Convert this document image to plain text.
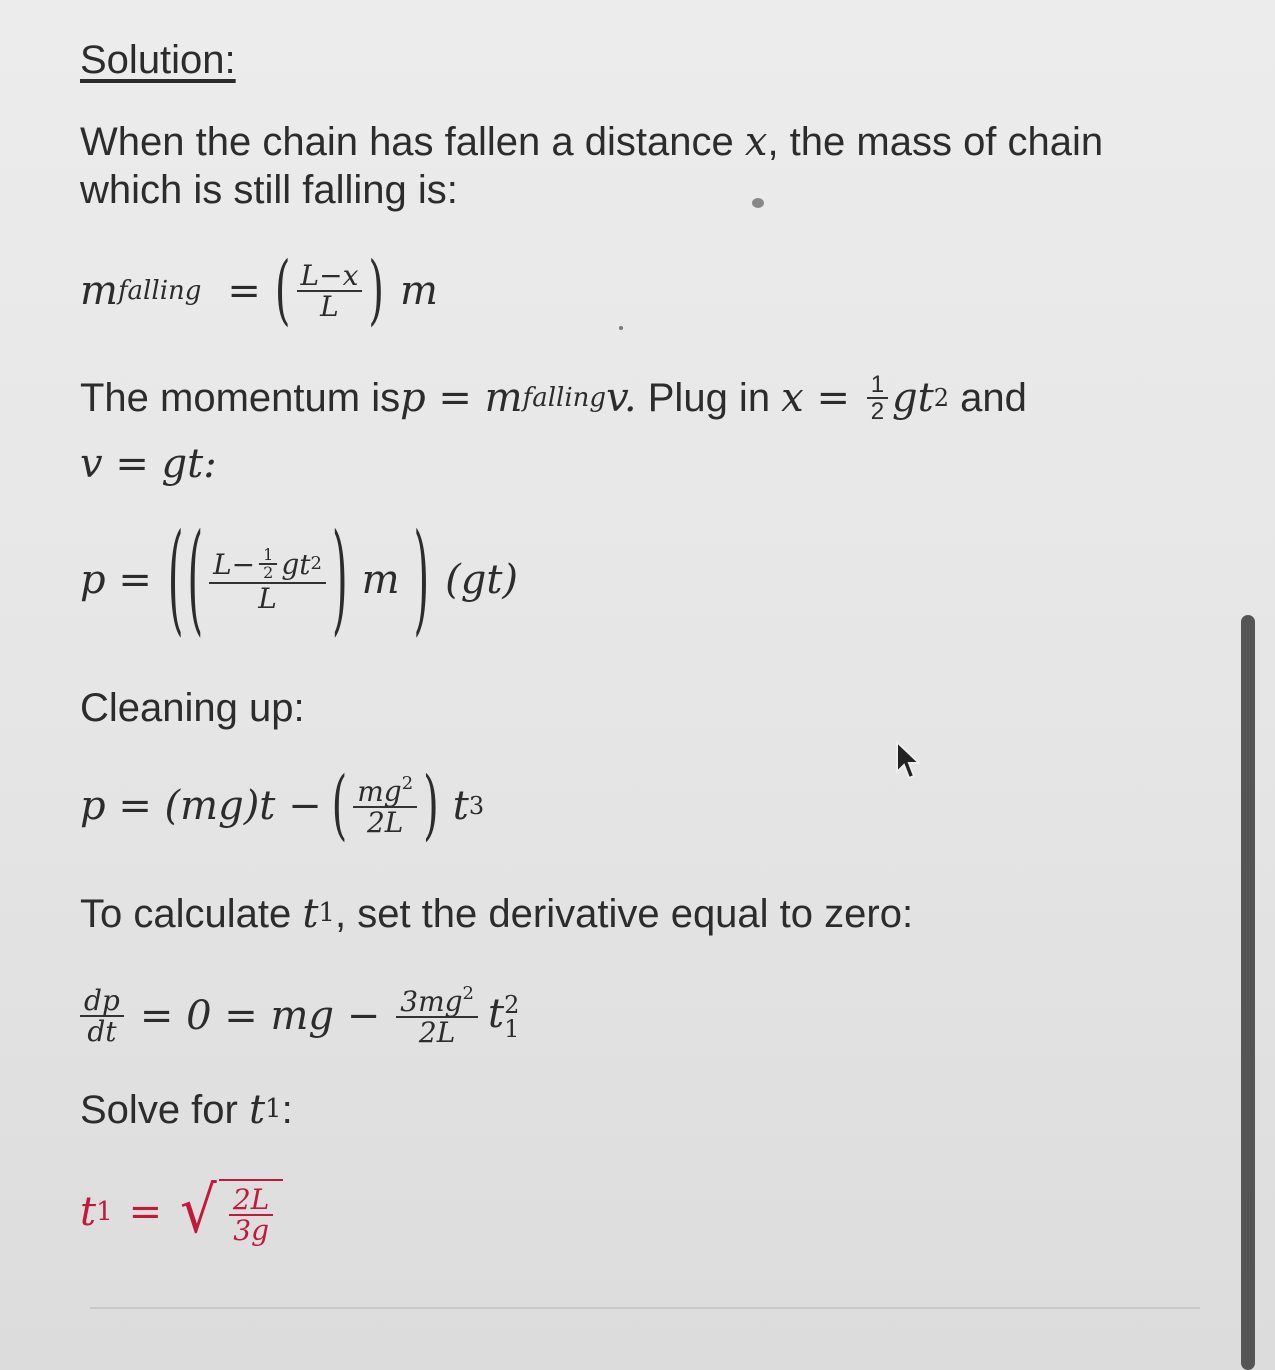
Solution:
When the chain has fallen a distance x, the mass of chain
which is still falling is:
m falling = ( $\frac{L-x}{L}$ ) m
The momentum is p = m falling v. Plug in $x = \frac{1}{2}$ gt 2 and
v = gt:
p = ( ( $\frac{L- \frac{1}{2} gt 2}{L}$ ) m ) (gt)
Cleaning up:
p = (mg)t − ( $\frac{mg^2}{2L}$ ) t 3
To calculate t 1 , set the derivative equal to zero:
$\frac{dp}{dt} = 0$ = mg − $\frac{3mg^2}{2L}$ t 2
1
Solve for t 1 :
t 1 = √ $\frac{2L}{3g}$
